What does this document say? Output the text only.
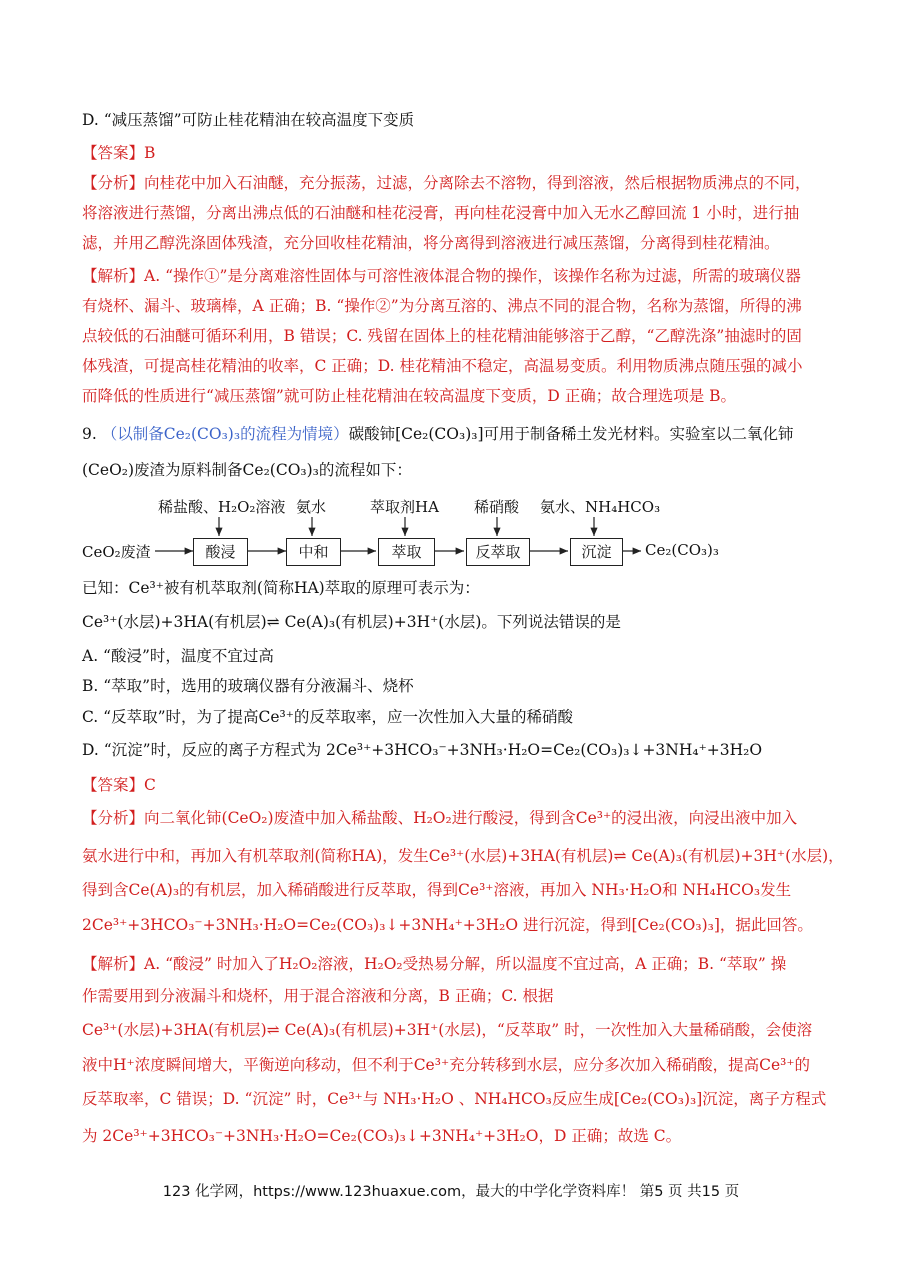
D. “减压蒸馏”可防止桂花精油在较高温度下变质
【答案】B
【分析】向桂花中加入石油醚，充分振荡，过滤，分离除去不溶物，得到溶液，然后根据物质沸点的不同，
将溶液进行蒸馏，分离出沸点低的石油醚和桂花浸膏，再向桂花浸膏中加入无水乙醇回流 1 小时，进行抽
滤，并用乙醇洗涤固体残渣，充分回收桂花精油，将分离得到溶液进行减压蒸馏，分离得到桂花精油。
【解析】A. “操作①”是分离难溶性固体与可溶性液体混合物的操作，该操作名称为过滤，所需的玻璃仪器
有烧杯、漏斗、玻璃棒，A 正确；B. “操作②”为分离互溶的、沸点不同的混合物，名称为蒸馏，所得的沸
点较低的石油醚可循环利用，B 错误；C. 残留在固体上的桂花精油能够溶于乙醇，“乙醇洗涤”抽滤时的固
体残渣，可提高桂花精油的收率，C 正确；D. 桂花精油不稳定，高温易变质。利用物质沸点随压强的减小
而降低的性质进行“减压蒸馏”就可防止桂花精油在较高温度下变质，D 正确；故合理选项是 B。
9. （以制备Ce₂(CO₃)₃的流程为情境）碳酸铈[Ce₂(CO₃)₃]可用于制备稀土发光材料。实验室以二氧化铈
(CeO₂)废渣为原料制备Ce₂(CO₃)₃的流程如下：
CeO₂废渣	Ce₂(CO₃)₃
酸浸	中和	萃取	反萃取	沉淀
稀盐酸、H₂O₂溶液 氨水	萃取剂HA 稀硝酸 氨水、NH₄HCO₃
已知：Ce³⁺被有机萃取剂(简称HA)萃取的原理可表示为：
Ce³⁺(水层)+3HA(有机层)⇌ Ce(A)₃(有机层)+3H⁺(水层)。下列说法错误的是
A. “酸浸”时，温度不宜过高
B. “萃取”时，选用的玻璃仪器有分液漏斗、烧杯
C. “反萃取”时，为了提高Ce³⁺的反萃取率，应一次性加入大量的稀硝酸
D. “沉淀”时，反应的离子方程式为 2Ce³⁺+3HCO₃⁻+3NH₃·H₂O=Ce₂(CO₃)₃↓+3NH₄⁺+3H₂O
【答案】C
【分析】向二氧化铈(CeO₂)废渣中加入稀盐酸、H₂O₂进行酸浸，得到含Ce³⁺的浸出液，向浸出液中加入
氨水进行中和，再加入有机萃取剂(简称HA)，发生Ce³⁺(水层)+3HA(有机层)⇌ Ce(A)₃(有机层)+3H⁺(水层)，
得到含Ce(A)₃的有机层，加入稀硝酸进行反萃取，得到Ce³⁺溶液，再加入 NH₃·H₂O和 NH₄HCO₃发生
2Ce³⁺+3HCO₃⁻+3NH₃·H₂O=Ce₂(CO₃)₃↓+3NH₄⁺+3H₂O 进行沉淀，得到[Ce₂(CO₃)₃]，据此回答。
【解析】A. “酸浸” 时加入了H₂O₂溶液，H₂O₂受热易分解，所以温度不宜过高，A 正确；B. “萃取” 操
作需要用到分液漏斗和烧杯，用于混合溶液和分离，B 正确；C. 根据
Ce³⁺(水层)+3HA(有机层)⇌ Ce(A)₃(有机层)+3H⁺(水层)，“反萃取” 时，一次性加入大量稀硝酸，会使溶
液中H⁺浓度瞬间增大，平衡逆向移动，但不利于Ce³⁺充分转移到水层，应分多次加入稀硝酸，提高Ce³⁺的
反萃取率，C 错误；D. “沉淀” 时，Ce³⁺与 NH₃·H₂O 、NH₄HCO₃反应生成[Ce₂(CO₃)₃]沉淀，离子方程式
为 2Ce³⁺+3HCO₃⁻+3NH₃·H₂O=Ce₂(CO₃)₃↓+3NH₄⁺+3H₂O，D 正确；故选 C。
123 化学网，https://www.123huaxue.com，最大的中学化学资料库！ 第5 页 共15 页
